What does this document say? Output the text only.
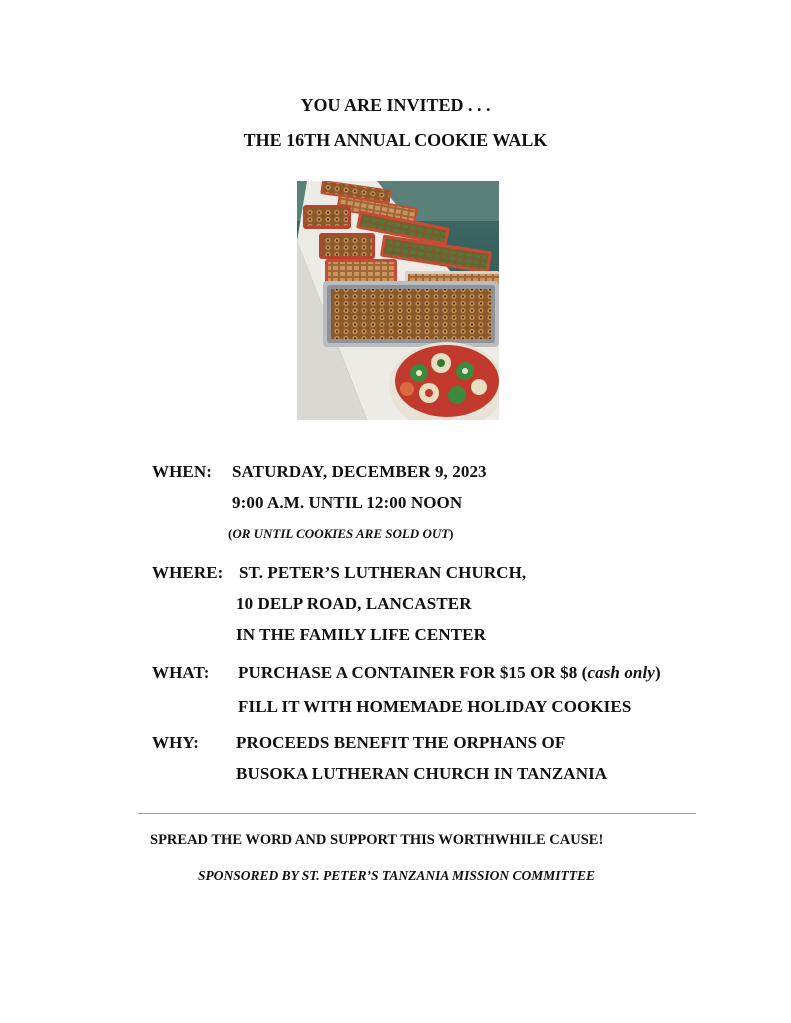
YOU ARE INVITED . . .
THE 16TH ANNUAL COOKIE WALK
WHEN: SATURDAY, DECEMBER 9, 2023
9:00 A.M. UNTIL 12:00 NOON
(OR UNTIL COOKIES ARE SOLD OUT)
WHERE: ST. PETER’S LUTHERAN CHURCH,
10 DELP ROAD, LANCASTER
IN THE FAMILY LIFE CENTER
WHAT: PURCHASE A CONTAINER FOR $15 OR $8 (cash only)
FILL IT WITH HOMEMADE HOLIDAY COOKIES
WHY: PROCEEDS BENEFIT THE ORPHANS OF
BUSOKA LUTHERAN CHURCH IN TANZANIA
SPREAD THE WORD AND SUPPORT THIS WORTHWHILE CAUSE!
SPONSORED BY ST. PETER’S TANZANIA MISSION COMMITTEE
